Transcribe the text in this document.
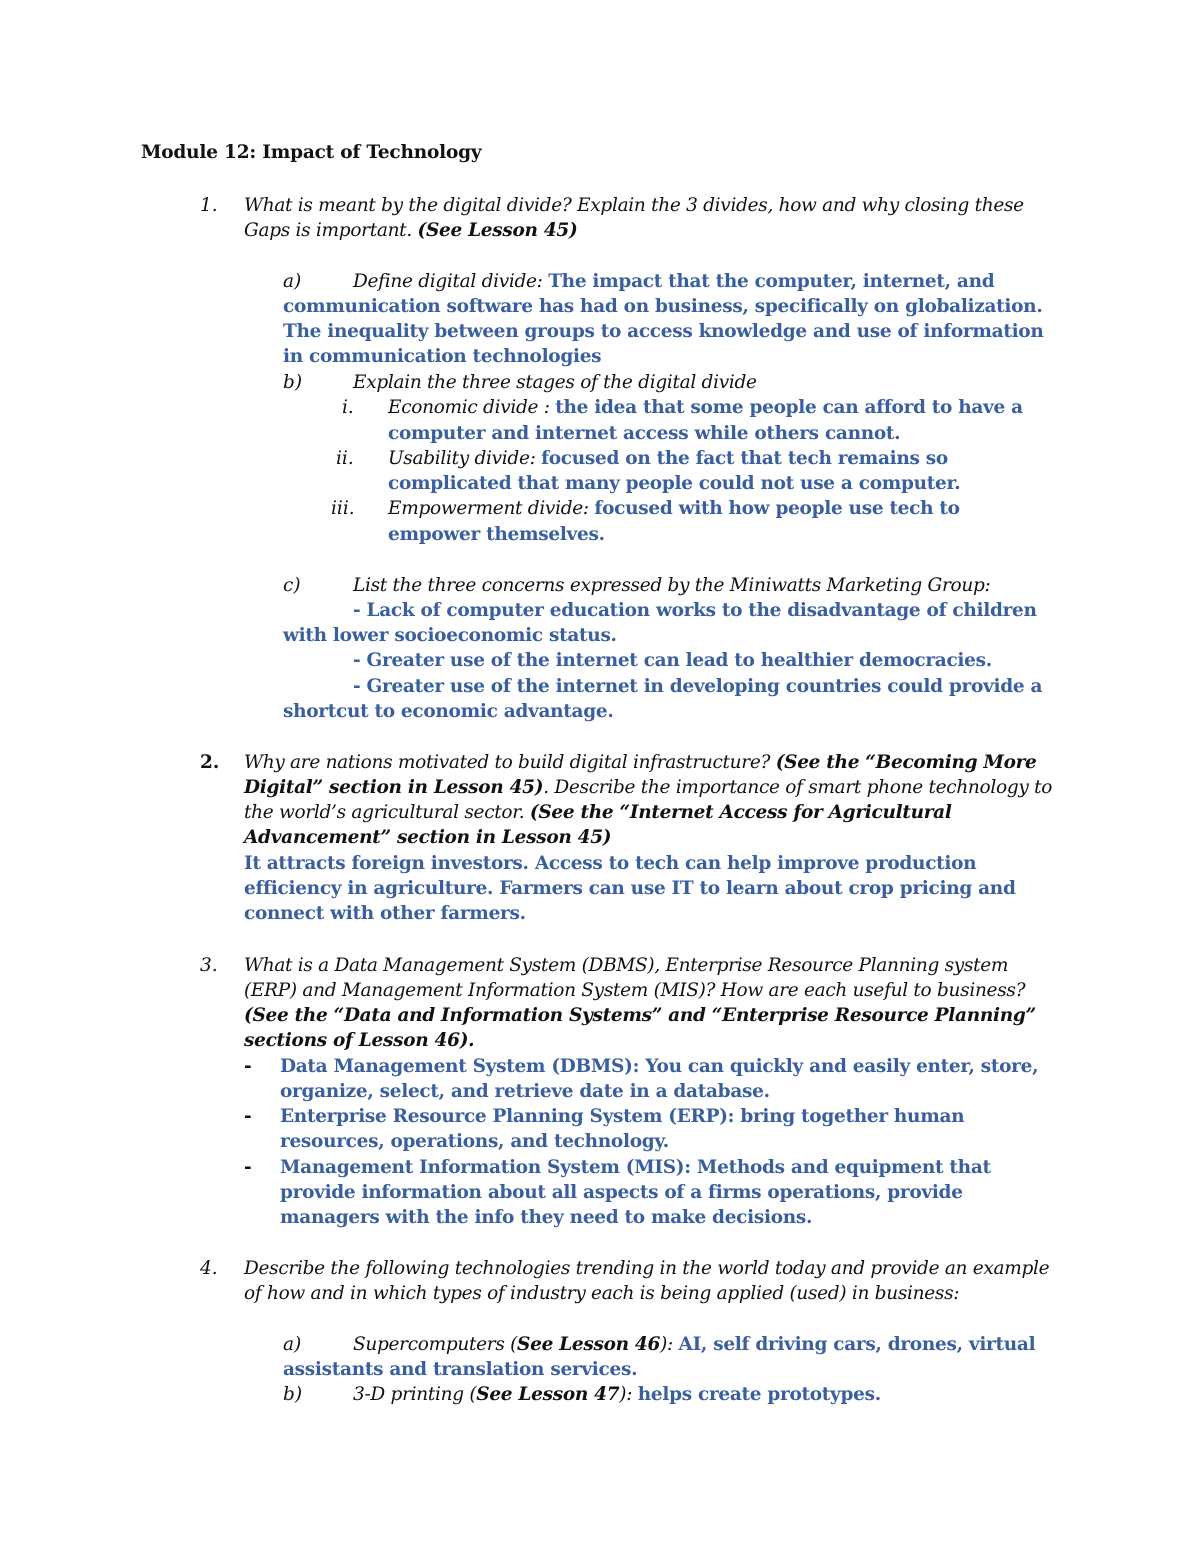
Module 12: Impact of Technology
1. What is meant by the digital divide? Explain the 3 divides, how and why closing these
Gaps is important. (See Lesson 45)
a)	Define digital divide: The impact that the computer, internet, and
communication software has had on business, specifically on globalization.
The inequality between groups to access knowledge and use of information
in communication technologies
b)	Explain the three stages of the digital divide
i. Economic divide : the idea that some people can afford to have a
computer and internet access while others cannot.
ii. Usability divide: focused on the fact that tech remains so
complicated that many people could not use a computer.
iii. Empowerment divide: focused with how people use tech to
empower themselves.
c)	List the three concerns expressed by the Miniwatts Marketing Group:
- Lack of computer education works to the disadvantage of children
with lower socioeconomic status.
- Greater use of the internet can lead to healthier democracies.
- Greater use of the internet in developing countries could provide a
shortcut to economic advantage.
2. Why are nations motivated to build digital infrastructure? (See the “Becoming More
Digital” section in Lesson 45). Describe the importance of smart phone technology to
the world’s agricultural sector. (See the “Internet Access for Agricultural
Advancement” section in Lesson 45)
It attracts foreign investors. Access to tech can help improve production
efficiency in agriculture. Farmers can use IT to learn about crop pricing and
connect with other farmers.
3. What is a Data Management System (DBMS), Enterprise Resource Planning system
(ERP) and Management Information System (MIS)? How are each useful to business?
(See the “Data and Information Systems” and “Enterprise Resource Planning”
sections of Lesson 46).
- Data Management System (DBMS): You can quickly and easily enter, store,
organize, select, and retrieve date in a database.
- Enterprise Resource Planning System (ERP): bring together human
resources, operations, and technology.
- Management Information System (MIS): Methods and equipment that
provide information about all aspects of a firms operations, provide
managers with the info they need to make decisions.
4. Describe the following technologies trending in the world today and provide an example
of how and in which types of industry each is being applied (used) in business:
a)	Supercomputers (See Lesson 46): AI, self driving cars, drones, virtual
assistants and translation services.
b)	3-D printing (See Lesson 47): helps create prototypes.
